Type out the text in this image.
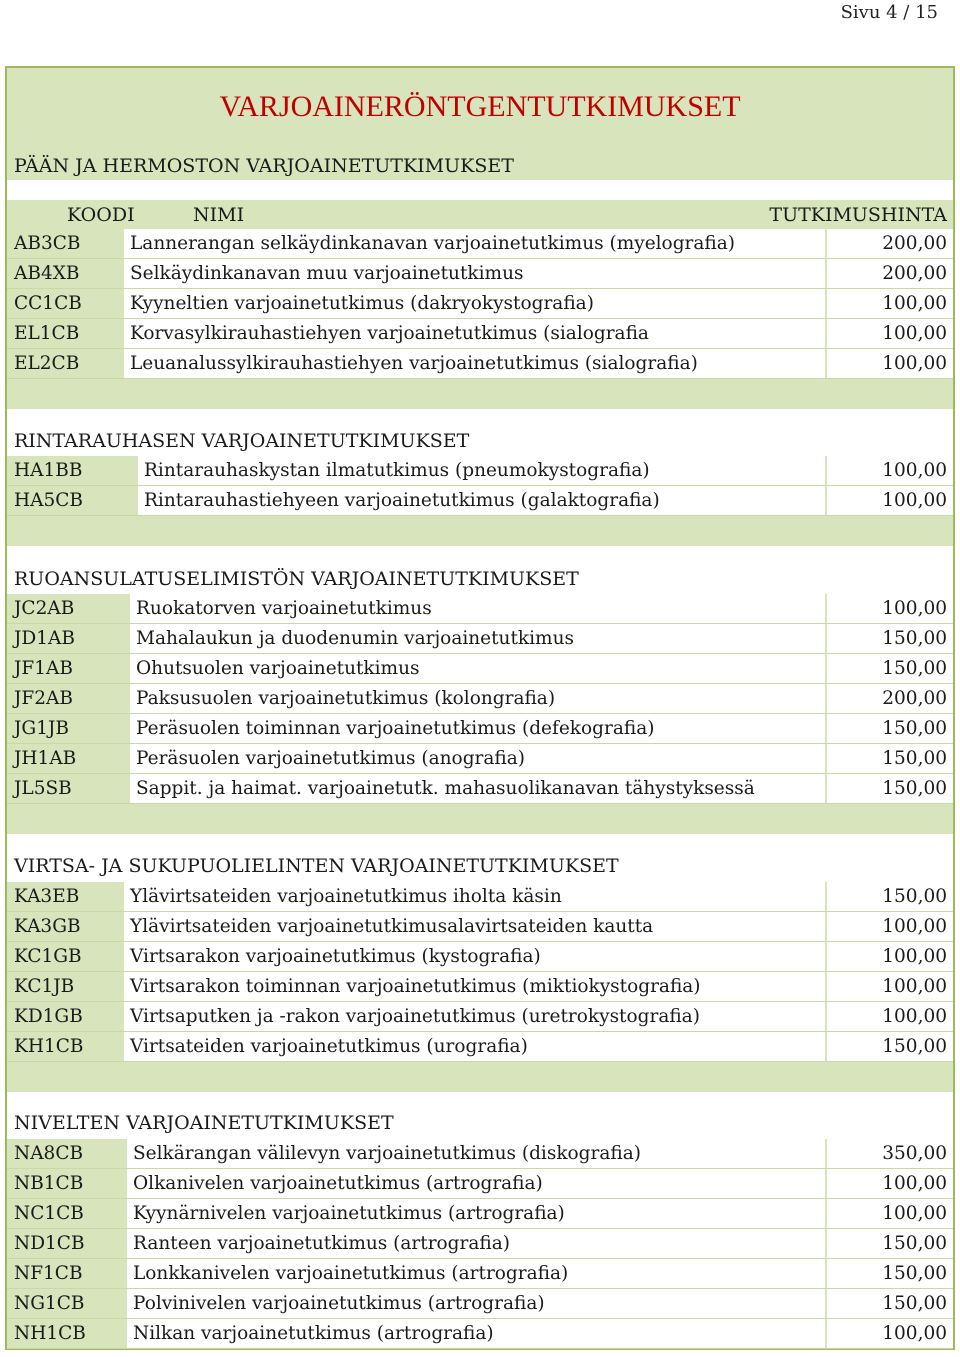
Sivu 4 / 15
VARJOAINERÖNTGENTUTKIMUKSET
KOODI	NIMI	TUTKIMUSHINTA
PÄÄN JA HERMOSTON VARJOAINETUTKIMUKSET
AB3CB	Lannerangan selkäydinkanavan varjoainetutkimus (myelografia)	200,00
AB4XB	Selkäydinkanavan muu varjoainetutkimus	200,00
CC1CB	Kyyneltien varjoainetutkimus (dakryokystografia)	100,00
EL1CB	Korvasylkirauhastiehyen varjoainetutkimus (sialografia	100,00
EL2CB	Leuanalussylkirauhastiehyen varjoainetutkimus (sialografia)	100,00
RINTARAUHASEN VARJOAINETUTKIMUKSET
HA1BB	Rintarauhaskystan ilmatutkimus (pneumokystografia)	100,00
HA5CB	Rintarauhastiehyeen varjoainetutkimus (galaktografia)	100,00
RUOANSULATUSELIMISTÖN VARJOAINETUTKIMUKSET
JC2AB	Ruokatorven varjoainetutkimus	100,00
JD1AB	Mahalaukun ja duodenumin varjoainetutkimus	150,00
JF1AB	Ohutsuolen varjoainetutkimus	150,00
JF2AB	Paksusuolen varjoainetutkimus (kolongrafia)	200,00
JG1JB	Peräsuolen toiminnan varjoainetutkimus (defekografia)	150,00
JH1AB	Peräsuolen varjoainetutkimus (anografia)	150,00
JL5SB	Sappit. ja haimat. varjoainetutk. mahasuolikanavan tähystyksessä	150,00
VIRTSA- JA SUKUPUOLIELINTEN VARJOAINETUTKIMUKSET
KA3EB	Ylävirtsateiden varjoainetutkimus iholta käsin	150,00
KA3GB	Ylävirtsateiden varjoainetutkimusalavirtsateiden kautta	100,00
KC1GB	Virtsarakon varjoainetutkimus (kystografia)	100,00
KC1JB	Virtsarakon toiminnan varjoainetutkimus (miktiokystografia)	100,00
KD1GB	Virtsaputken ja -rakon varjoainetutkimus (uretrokystografia)	100,00
KH1CB	Virtsateiden varjoainetutkimus (urografia)	150,00
NIVELTEN VARJOAINETUTKIMUKSET
NA8CB	Selkärangan välilevyn varjoainetutkimus (diskografia)	350,00
NB1CB	Olkanivelen varjoainetutkimus (artrografia)	100,00
NC1CB	Kyynärnivelen varjoainetutkimus (artrografia)	100,00
ND1CB	Ranteen varjoainetutkimus (artrografia)	150,00
NF1CB	Lonkkanivelen varjoainetutkimus (artrografia)	150,00
NG1CB	Polvinivelen varjoainetutkimus (artrografia)	150,00
NH1CB	Nilkan varjoainetutkimus (artrografia)	100,00
